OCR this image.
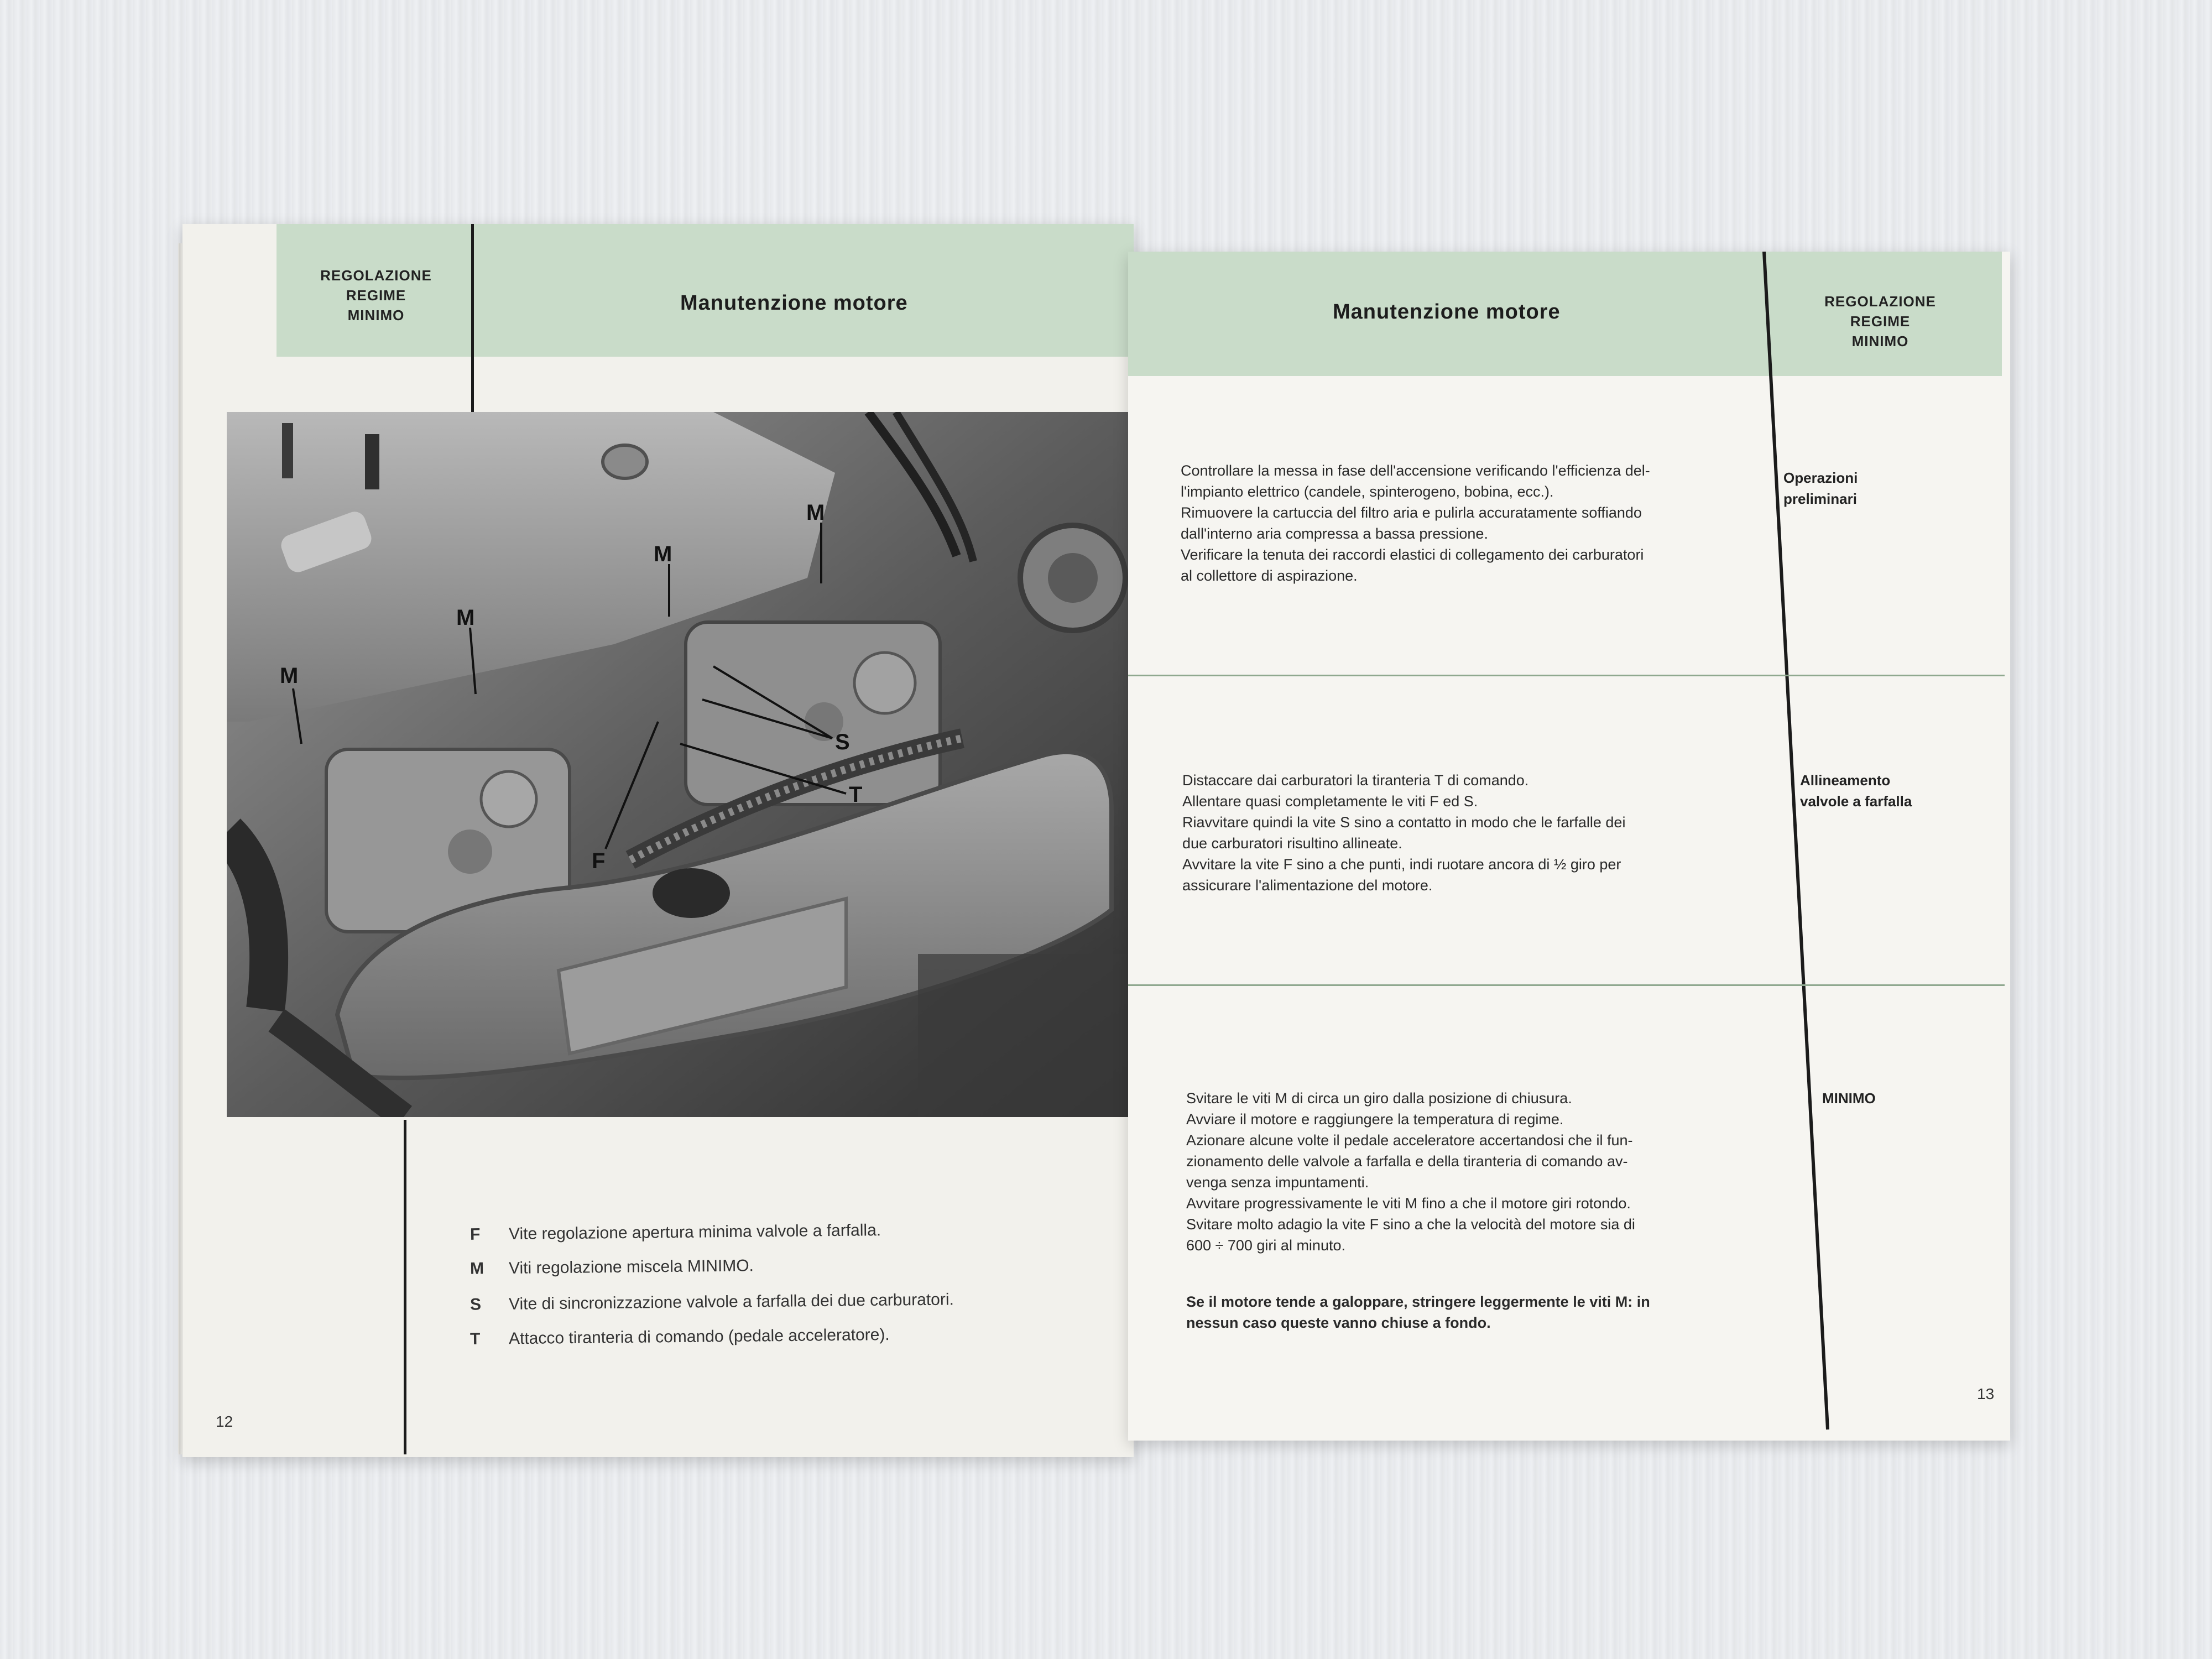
REGOLAZIONE
REGIME
MINIMO
Manutenzione motore
12
M
M
M
M
S
T
F
F Vite regolazione apertura minima valvole a farfalla.
M Viti regolazione miscela MINIMO.
S Vite di sincronizzazione valvole a farfalla dei due carburatori.
T Attacco tiranteria di comando (pedale acceleratore).
Manutenzione motore	REGOLAZIONE
REGIME
MINIMO

Controllare la messa in fase dell'accensione verificando l'efficienza del-

l'impianto elettrico (candele, spinterogeno, bobina, ecc.).

Rimuovere la cartuccia del filtro aria e pulirla accuratamente soffiando

dall'interno aria compressa a bassa pressione.

Verificare la tenuta dei raccordi elastici di collegamento dei carburatori

al collettore di aspirazione.

Operazioni
preliminari

Distaccare dai carburatori la tiranteria T di comando.

Allentare quasi completamente le viti F ed S.

Riavvitare quindi la vite S sino a contatto in modo che le farfalle dei

due carburatori risultino allineate.

Avvitare la vite F sino a che punti, indi ruotare ancora di ½ giro per

assicurare l'alimentazione del motore.

Allineamento
valvole a farfalla

Svitare le viti M di circa un giro dalla posizione di chiusura.

Avviare il motore e raggiungere la temperatura di regime.

Azionare alcune volte il pedale acceleratore accertandosi che il fun-

zionamento delle valvole a farfalla e della tiranteria di comando av-

venga senza impuntamenti.

Avvitare progressivamente le viti M fino a che il motore giri rotondo.

Svitare molto adagio la vite F sino a che la velocità del motore sia di

600 ÷ 700 giri al minuto.

Se il motore tende a galoppare, stringere leggermente le viti M: in

nessun caso queste vanno chiuse a fondo.

MINIMO
13
